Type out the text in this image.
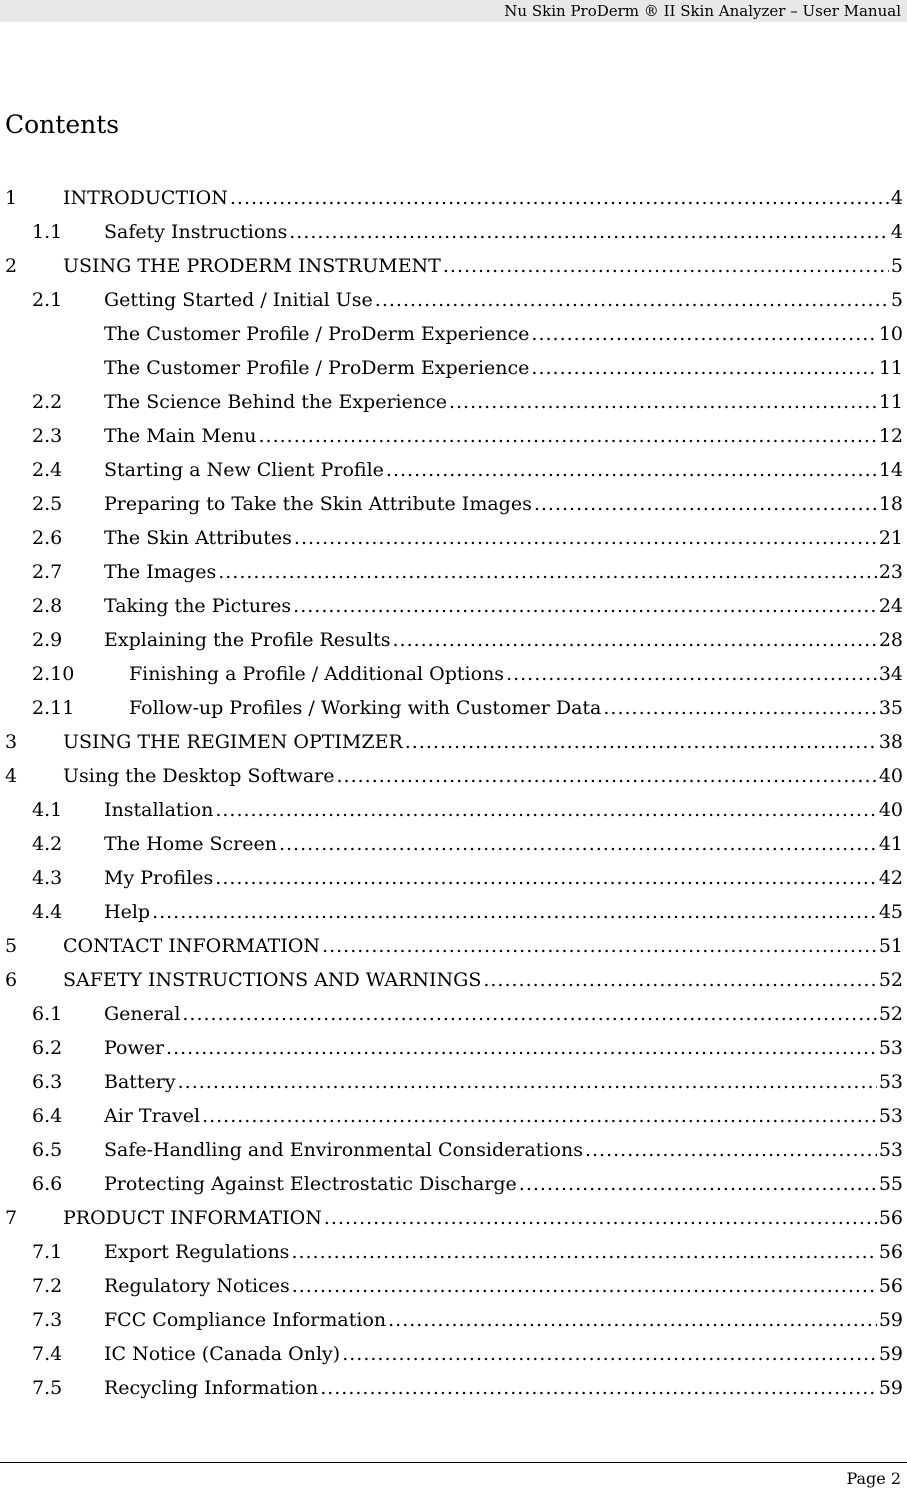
Nu Skin ProDerm ® II Skin Analyzer – User Manual
Contents
1	INTRODUCTION .....	4
1.1	Safety Instructions .....	4
2	USING THE PRODERM INSTRUMENT .....	5
2.1	Getting Started / Initial Use .....	5
The Customer Profile / ProDerm Experience .....	10
The Customer Profile / ProDerm Experience .....	11
2.2	The Science Behind the Experience .....	11
2.3	The Main Menu .....	12
2.4	Starting a New Client Profile .....	14
2.5	Preparing to Take the Skin Attribute Images .....	18
2.6	The Skin Attributes .....	21
2.7	The Images .....	23
2.8	Taking the Pictures .....	24
2.9	Explaining the Profile Results .....	28
2.10	Finishing a Profile / Additional Options .....	34
2.11	Follow-up Profiles / Working with Customer Data .....	35
3	USING THE REGIMEN OPTIMZER .....	38
4	Using the Desktop Software .....	40
4.1	Installation .....	40
4.2	The Home Screen .....	41
4.3	My Profiles .....	42
4.4	Help .....	45
5	CONTACT INFORMATION .....	51
6	SAFETY INSTRUCTIONS AND WARNINGS .....	52
6.1	General .....	52
6.2	Power .....	53
6.3	Battery .....	53
6.4	Air Travel .....	53
6.5	Safe-Handling and Environmental Considerations .....	53
6.6	Protecting Against Electrostatic Discharge .....	55
7	PRODUCT INFORMATION .....	56
7.1	Export Regulations .....	56
7.2	Regulatory Notices .....	56
7.3	FCC Compliance Information .....	59
7.4	IC Notice (Canada Only) .....	59
7.5	Recycling Information .....	59
Page 2
